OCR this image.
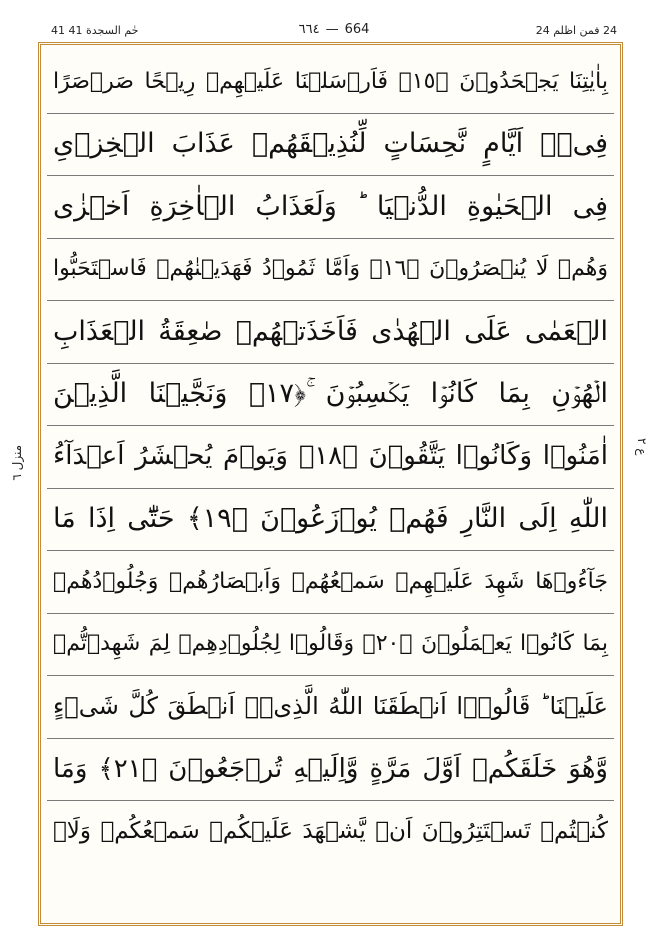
41 حٰم السجدة 41	٦٦٤ — 664	24 فمن اظلم 24
منزل ٦
ع ٢
بِاٰيٰتِنَا يَجۡحَدُوۡنَ ﴿١٥﴾ فَاَرۡسَلۡنَا عَلَيۡهِمۡ رِيۡحًا صَرۡصَرًا
فِىۡۤ اَيَّامٍ نَّحِسَاتٍ لِّنُذِيۡقَهُمۡ عَذَابَ الۡخِزۡىِ
فِى الۡحَيٰوةِ الدُّنۡيَا ؕ وَلَعَذَابُ الۡاٰخِرَةِ اَخۡزٰى
وَهُمۡ لَا يُنۡصَرُوۡنَ ﴿١٦﴾ وَاَمَّا ثَمُوۡدُ فَهَدَيۡنٰهُمۡ فَاسۡتَحَبُّوا
الۡعَمٰى عَلَى الۡهُدٰى فَاَخَذَتۡهُمۡ صٰعِقَةُ الۡعَذَابِ
الۡهُوۡنِ بِمَا كَانُوۡا يَكۡسِبُوۡنَ ۚ﴿١٧﴾ وَنَجَّيۡنَا الَّذِيۡنَ
اٰمَنُوۡا وَكَانُوۡا يَتَّقُوۡنَ ﴿١٨﴾ وَيَوۡمَ يُحۡشَرُ اَعۡدَآءُ
اللّٰهِ اِلَى النَّارِ فَهُمۡ يُوۡزَعُوۡنَ ﴿١٩﴾ حَتّٰٓى اِذَا مَا
جَآءُوۡهَا شَهِدَ عَلَيۡهِمۡ سَمۡعُهُمۡ وَاَبۡصَارُهُمۡ وَجُلُوۡدُهُمۡ
بِمَا كَانُوۡا يَعۡمَلُوۡنَ ﴿٢٠﴾ وَقَالُوۡا لِجُلُوۡدِهِمۡ لِمَ شَهِدۡتُّمۡ
عَلَيۡنَا ؕ قَالُوۡۤا اَنۡطَقَنَا اللّٰهُ الَّذِىۡۤ اَنۡطَقَ كُلَّ شَىۡءٍ
وَّهُوَ خَلَقَكُمۡ اَوَّلَ مَرَّةٍ وَّاِلَيۡهِ تُرۡجَعُوۡنَ ﴿٢١﴾ وَمَا
كُنۡتُمۡ تَسۡتَتِرُوۡنَ اَنۡ يَّشۡهَدَ عَلَيۡكُمۡ سَمۡعُكُمۡ وَلَاۤ
